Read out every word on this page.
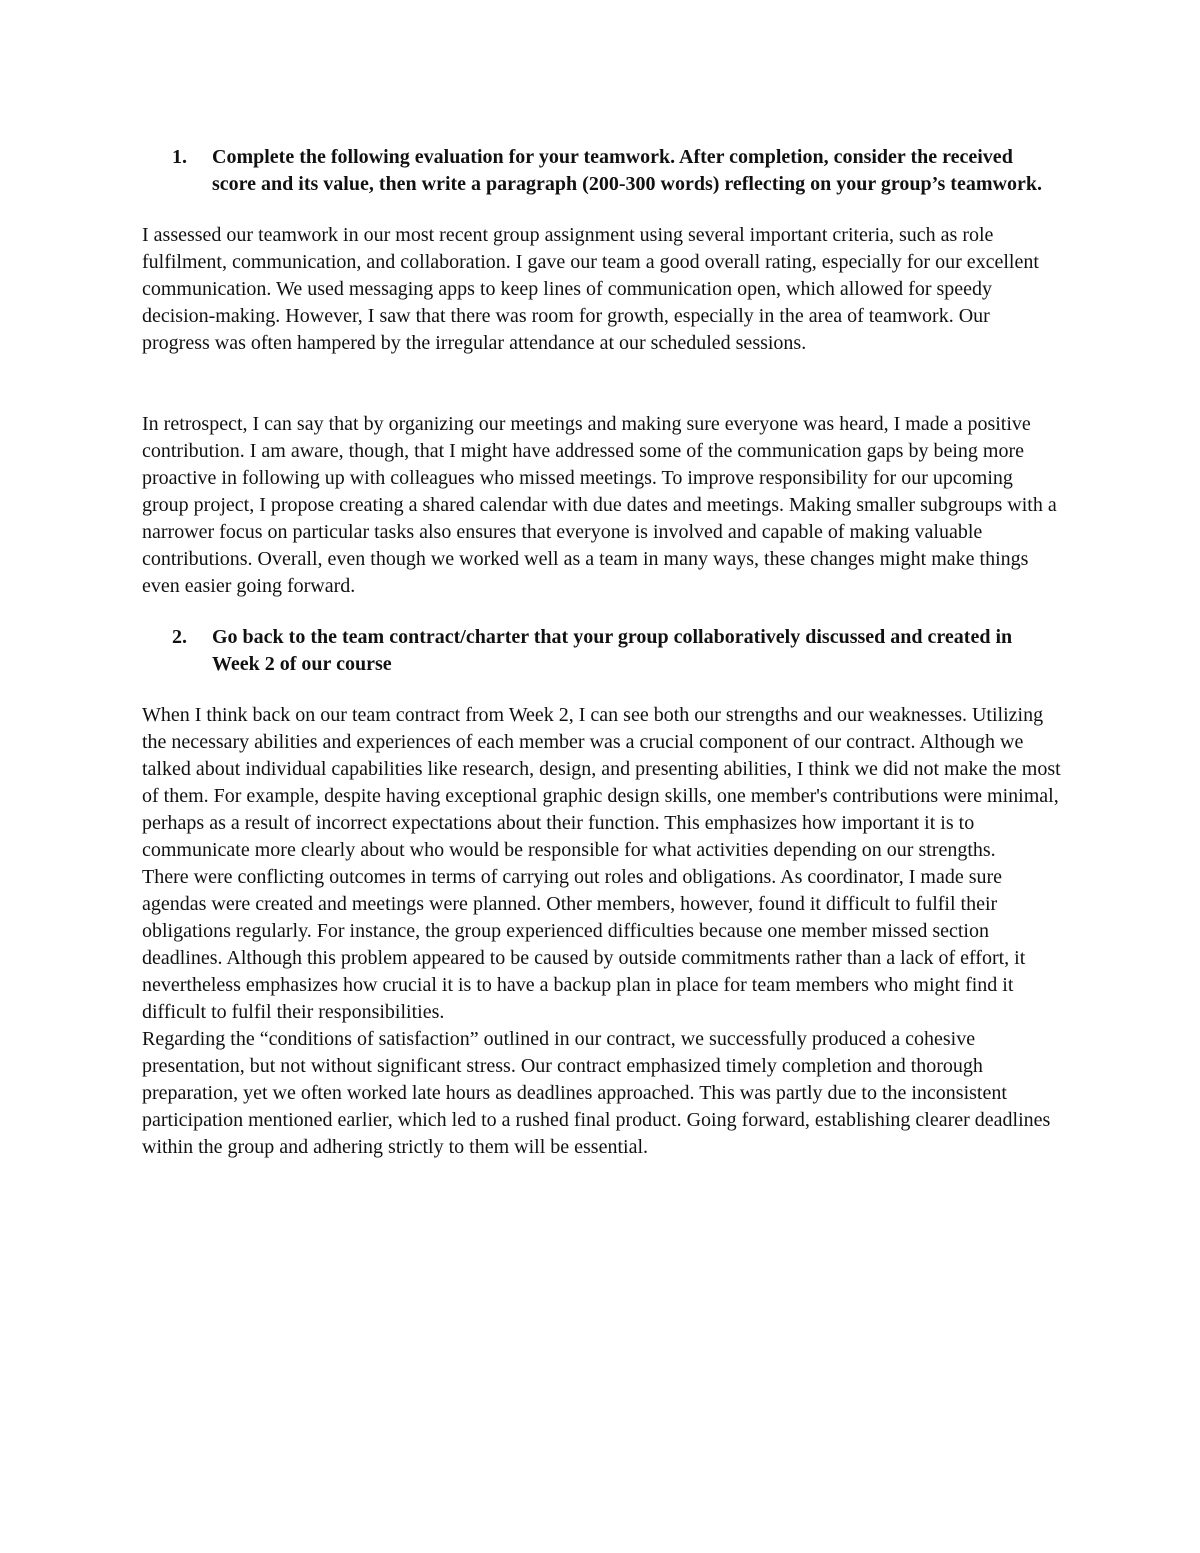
1.	Complete the following evaluation for your teamwork. After completion, consider the received score and its value, then write a paragraph (200-300 words) reflecting on your group’s teamwork.

I assessed our teamwork in our most recent group assignment using several important criteria, such as role fulfilment, communication, and collaboration. I gave our team a good overall rating, especially for our excellent communication. We used messaging apps to keep lines of communication open, which allowed for speedy decision-making. However, I saw that there was room for growth, especially in the area of teamwork. Our progress was often hampered by the irregular attendance at our scheduled sessions.

In retrospect, I can say that by organizing our meetings and making sure everyone was heard, I made a positive contribution. I am aware, though, that I might have addressed some of the communication gaps by being more proactive in following up with colleagues who missed meetings. To improve responsibility for our upcoming group project, I propose creating a shared calendar with due dates and meetings. Making smaller subgroups with a narrower focus on particular tasks also ensures that everyone is involved and capable of making valuable contributions. Overall, even though we worked well as a team in many ways, these changes might make things even easier going forward.

2.	Go back to the team contract/charter that your group collaboratively discussed and created in Week 2 of our course

When I think back on our team contract from Week 2, I can see both our strengths and our weaknesses. Utilizing the necessary abilities and experiences of each member was a crucial component of our contract. Although we talked about individual capabilities like research, design, and presenting abilities, I think we did not make the most of them. For example, despite having exceptional graphic design skills, one member's contributions were minimal, perhaps as a result of incorrect expectations about their function. This emphasizes how important it is to communicate more clearly about who would be responsible for what activities depending on our strengths.

There were conflicting outcomes in terms of carrying out roles and obligations. As coordinator, I made sure agendas were created and meetings were planned. Other members, however, found it difficult to fulfil their obligations regularly. For instance, the group experienced difficulties because one member missed section deadlines. Although this problem appeared to be caused by outside commitments rather than a lack of effort, it nevertheless emphasizes how crucial it is to have a backup plan in place for team members who might find it difficult to fulfil their responsibilities.

Regarding the “conditions of satisfaction” outlined in our contract, we successfully produced a cohesive presentation, but not without significant stress. Our contract emphasized timely completion and thorough preparation, yet we often worked late hours as deadlines approached. This was partly due to the inconsistent participation mentioned earlier, which led to a rushed final product. Going forward, establishing clearer deadlines within the group and adhering strictly to them will be essential.
